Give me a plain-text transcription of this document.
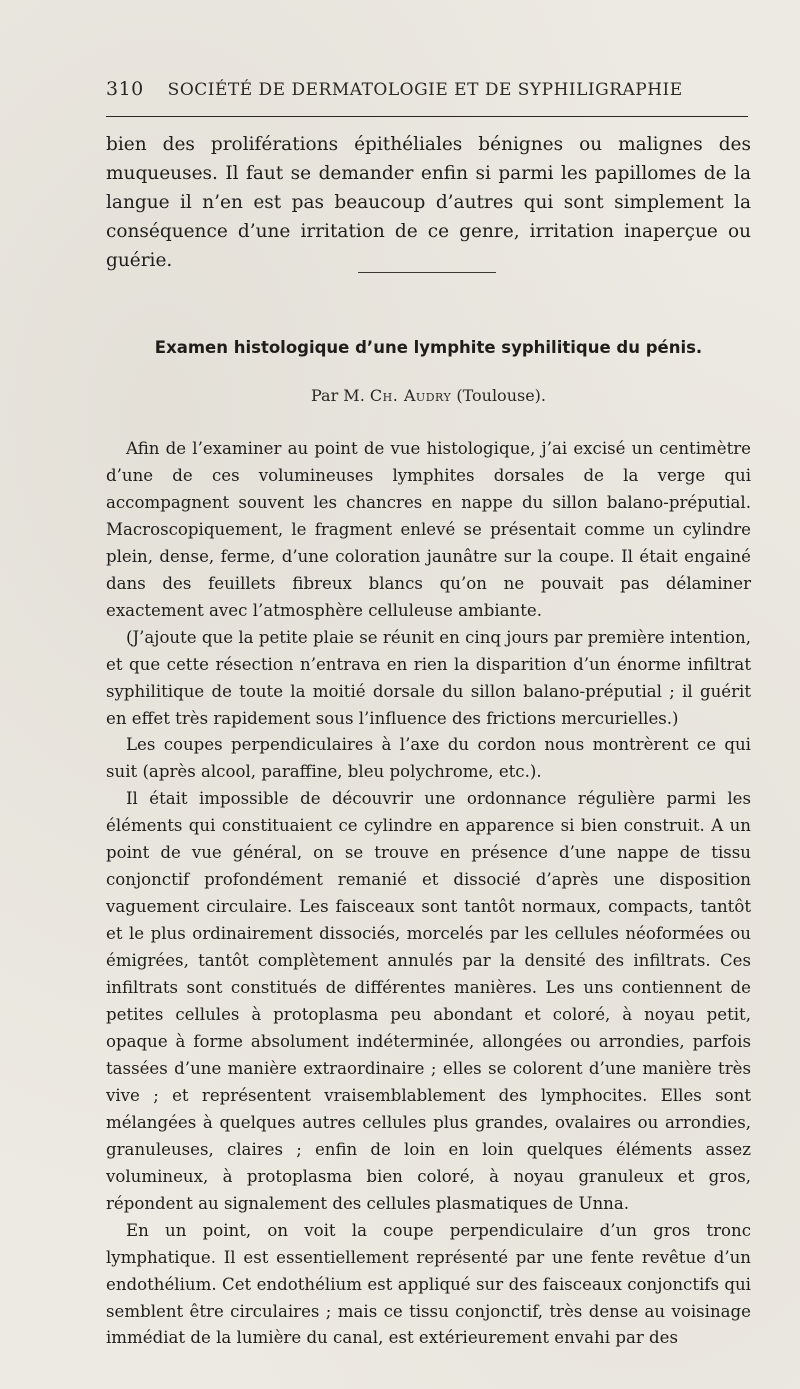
310 SOCIÉTÉ DE DERMATOLOGIE ET DE SYPHILIGRAPHIE

bien des proliférations épithéliales bénignes ou malignes des muqueuses. Il faut se demander enfin si parmi les papillomes de la langue il n’en est pas beaucoup d’autres qui sont simplement la conséquence d’une irritation de ce genre, irritation inaperçue ou guérie.

Examen histologique d’une lymphite syphilitique du pénis.
Par M. Ch. Audry (Toulouse).

Afin de l’examiner au point de vue histologique, j’ai excisé un centimètre d’une de ces volumineuses lymphites dorsales de la verge qui accompagnent souvent les chancres en nappe du sillon balano-préputial. Macroscopiquement, le fragment enlevé se présentait comme un cylindre plein, dense, ferme, d’une coloration jaunâtre sur la coupe. Il était engainé dans des feuillets fibreux blancs qu’on ne pouvait pas délaminer exactement avec l’atmosphère celluleuse ambiante.

(J’ajoute que la petite plaie se réunit en cinq jours par première intention, et que cette résection n’entrava en rien la disparition d’un énorme infiltrat syphilitique de toute la moitié dorsale du sillon balano-préputial ; il guérit en effet très rapidement sous l’influence des frictions mercurielles.)

Les coupes perpendiculaires à l’axe du cordon nous montrèrent ce qui suit (après alcool, paraffine, bleu polychrome, etc.).

Il était impossible de découvrir une ordonnance régulière parmi les éléments qui constituaient ce cylindre en apparence si bien construit. A un point de vue général, on se trouve en présence d’une nappe de tissu conjonctif profondément remanié et dissocié d’après une disposition vaguement circulaire. Les faisceaux sont tantôt normaux, compacts, tantôt et le plus ordinairement dissociés, morcelés par les cellules néoformées ou émigrées, tantôt complètement annulés par la densité des infiltrats. Ces infiltrats sont constitués de différentes manières. Les uns contiennent de petites cellules à protoplasma peu abondant et coloré, à noyau petit, opaque à forme absolument indéterminée, allongées ou arrondies, parfois tassées d’une manière extraordinaire ; elles se colorent d’une manière très vive ; et représentent vraisemblablement des lymphocites. Elles sont mélangées à quelques autres cellules plus grandes, ovalaires ou arrondies, granuleuses, claires ; enfin de loin en loin quelques éléments assez volumineux, à protoplasma bien coloré, à noyau granuleux et gros, répondent au signalement des cellules plasmatiques de Unna.

En un point, on voit la coupe perpendiculaire d’un gros tronc lymphatique. Il est essentiellement représenté par une fente revêtue d’un endothélium. Cet endothélium est appliqué sur des faisceaux conjonctifs qui semblent être circulaires ; mais ce tissu conjonctif, très dense au voisinage immédiat de la lumière du canal, est extérieurement envahi par des
